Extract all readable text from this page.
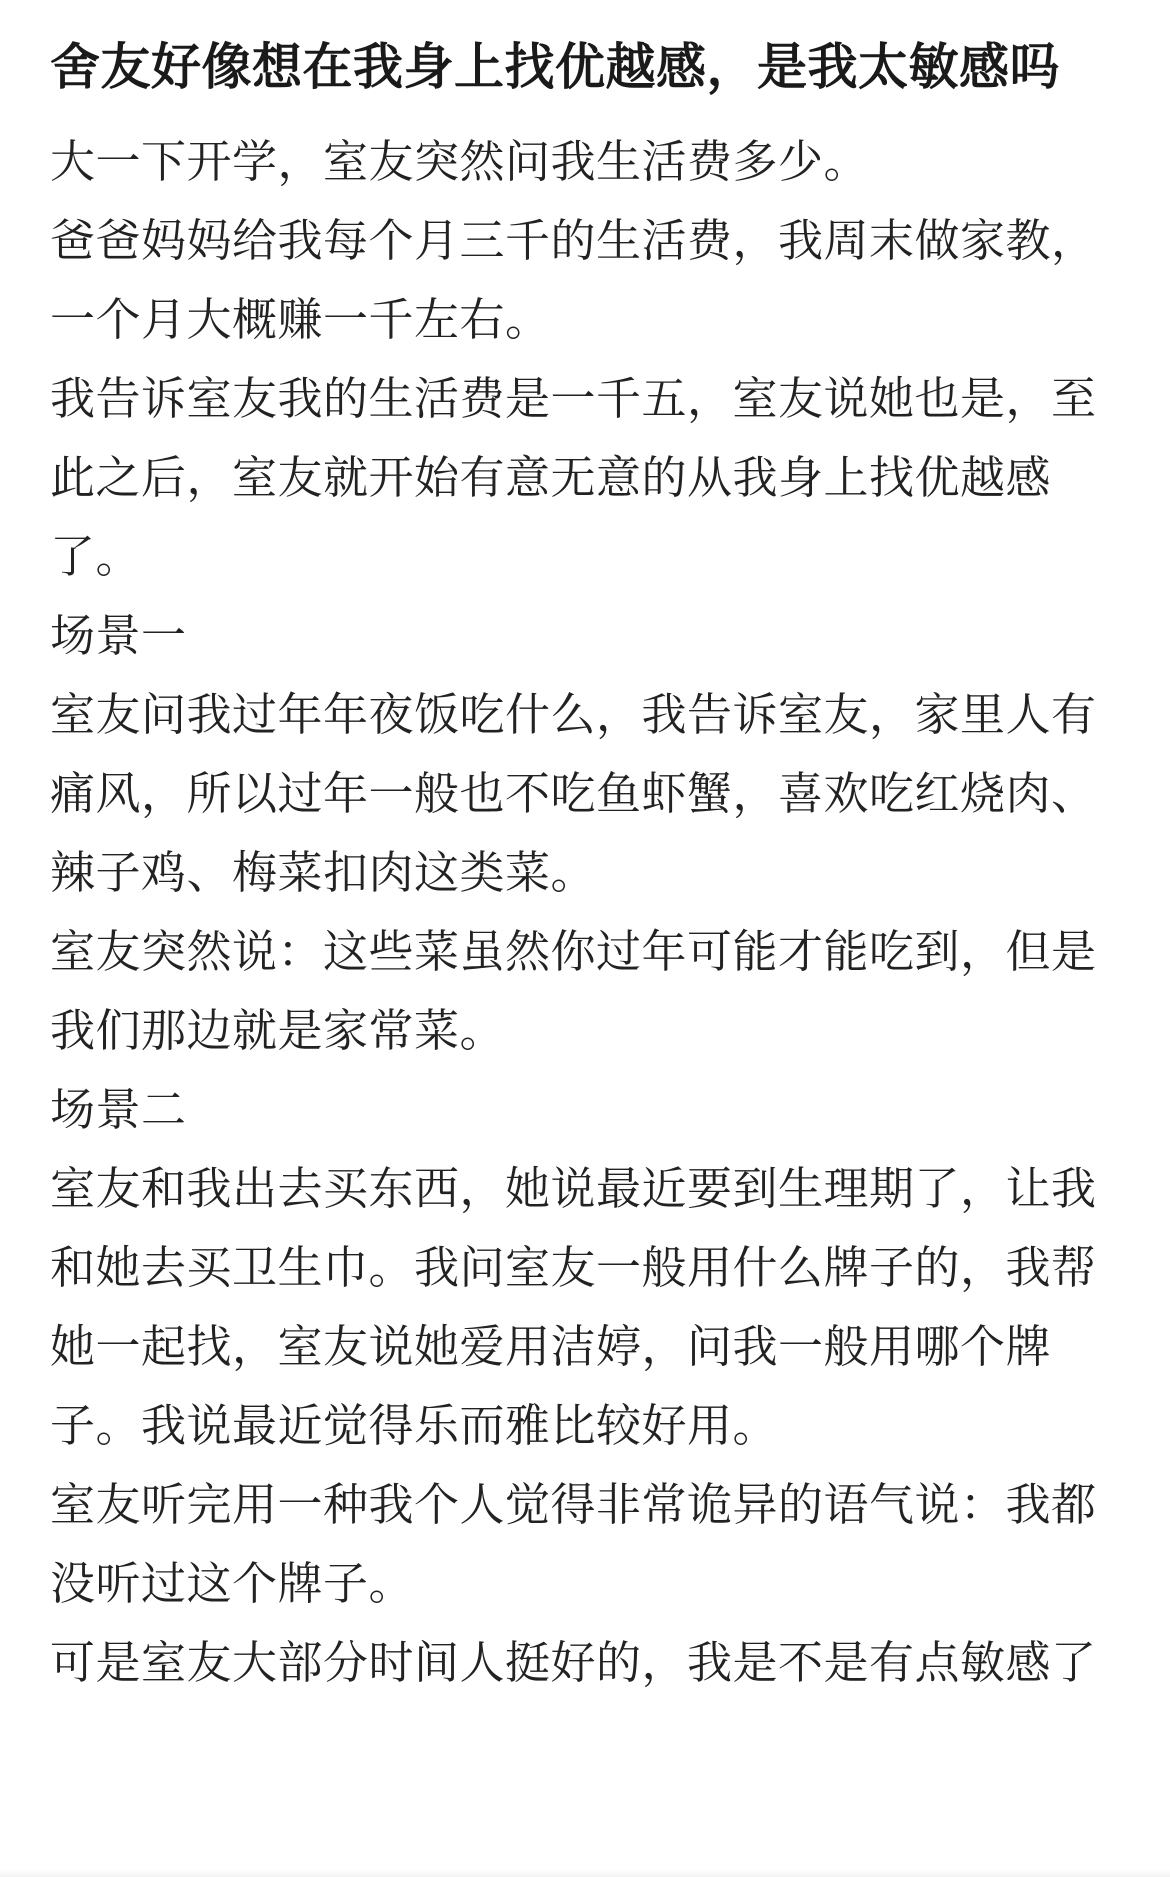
舍友好像想在我身上找优越感，是我太敏感吗

大一下开学，室友突然问我生活费多少。

爸爸妈妈给我每个月三千的生活费，我周末做家教，一个月大概赚一千左右。

我告诉室友我的生活费是一千五，室友说她也是，至此之后，室友就开始有意无意的从我身上找优越感了。

场景一

室友问我过年年夜饭吃什么，我告诉室友，家里人有痛风，所以过年一般也不吃鱼虾蟹，喜欢吃红烧肉、辣子鸡、梅菜扣肉这类菜。

室友突然说：这些菜虽然你过年可能才能吃到，但是我们那边就是家常菜。

场景二

室友和我出去买东西，她说最近要到生理期了，让我和她去买卫生巾。我问室友一般用什么牌子的，我帮她一起找，室友说她爱用洁婷，问我一般用哪个牌子。我说最近觉得乐而雅比较好用。

室友听完用一种我个人觉得非常诡异的语气说：我都没听过这个牌子。

可是室友大部分时间人挺好的，我是不是有点敏感了
